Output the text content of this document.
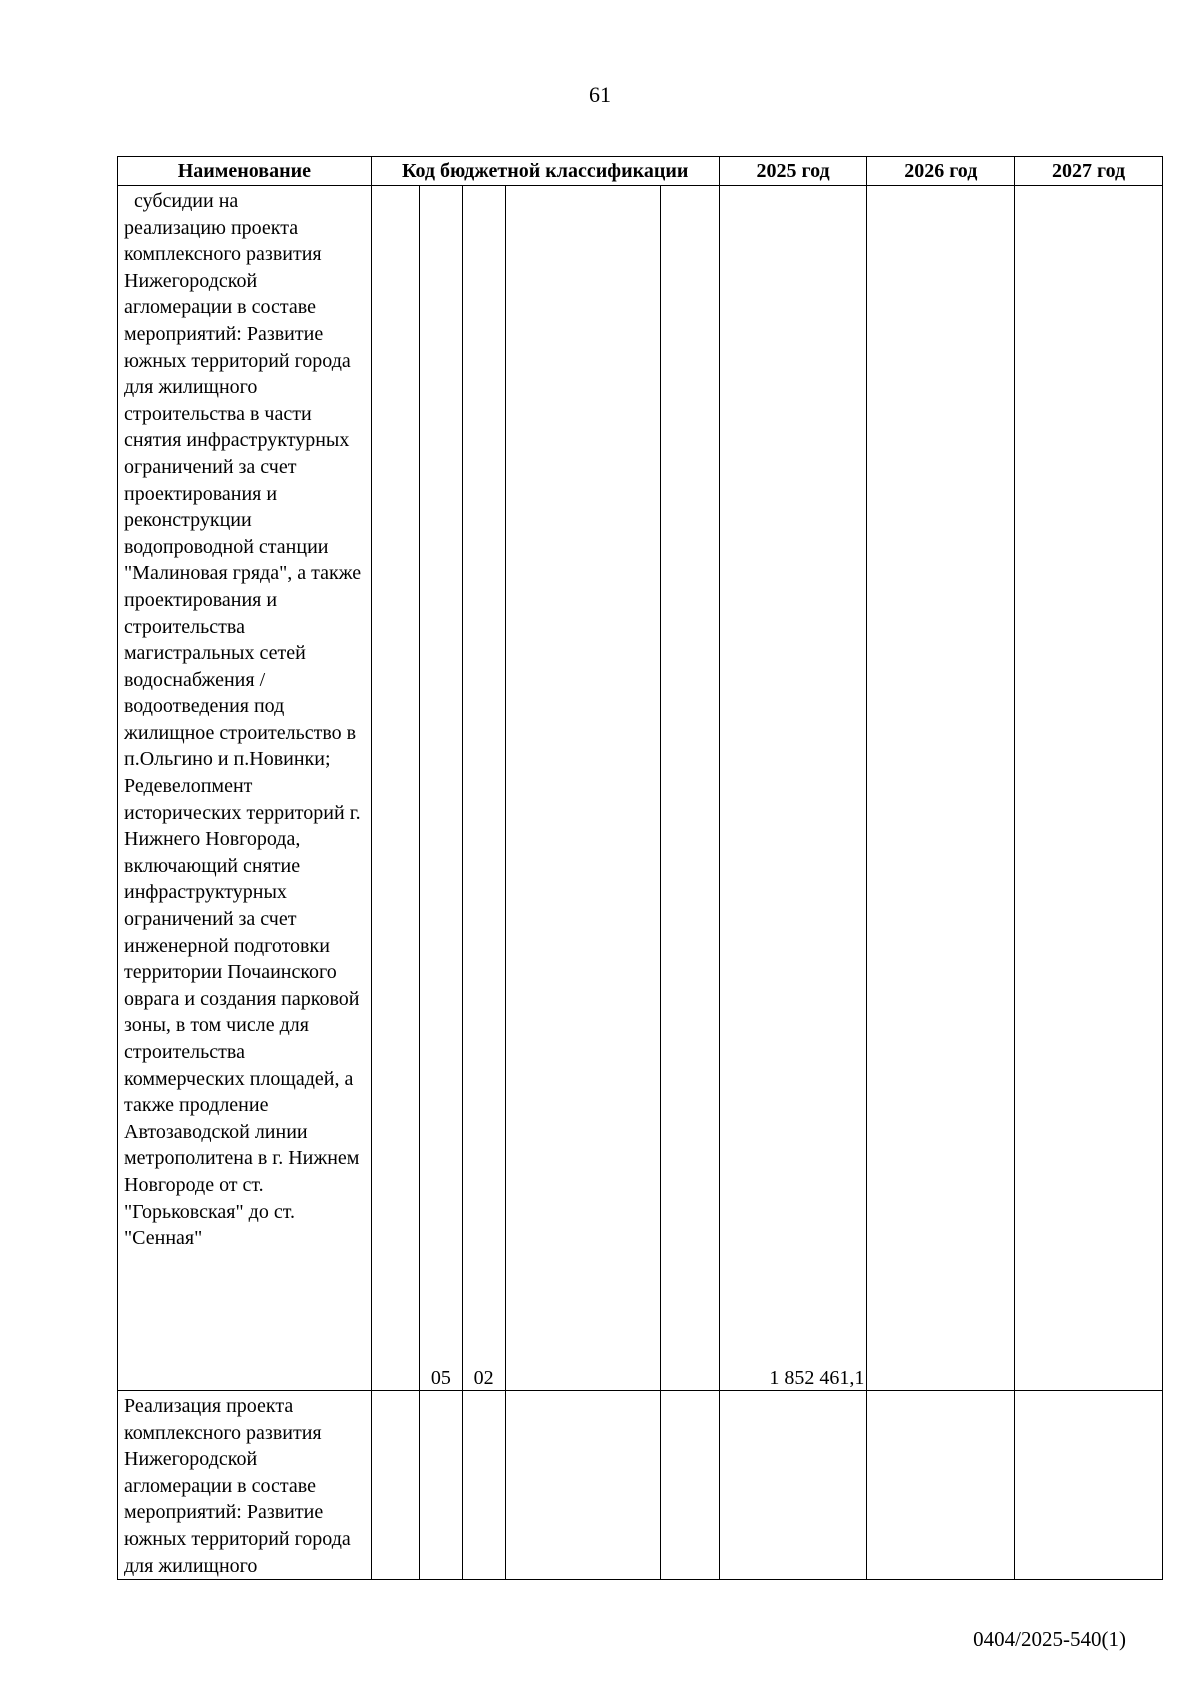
61
Наименование	Код бюджетной классификации					2025 год	2026 год	2027 год
субсидии на
реализацию проекта комплексного развития Нижегородской агломерации в составе мероприятий: Развитие южных территорий города для жилищного строительства в части снятия инфраструктурных ограничений за счет проектирования и реконструкции водопроводной станции "Малиновая гряда", а также проектирования и строительства магистральных сетей водоснабжения / водоотведения под жилищное строительство в п.Ольгино и п.Новинки; Редевелопмент исторических территорий г. Нижнего Новгорода, включающий снятие инфраструктурных ограничений за счет инженерной подготовки территории Почаинского оврага и создания парковой зоны, в том числе для строительства коммерческих площадей, а также продление Автозаводской линии метрополитена в г. Нижнем Новгороде от ст. "Горьковская" до ст. "Сенная"		05	02			1 852 461,1		
Реализация проекта комплексного развития Нижегородской агломерации в составе мероприятий: Развитие южных территорий города для жилищного								
0404/2025-540(1)
